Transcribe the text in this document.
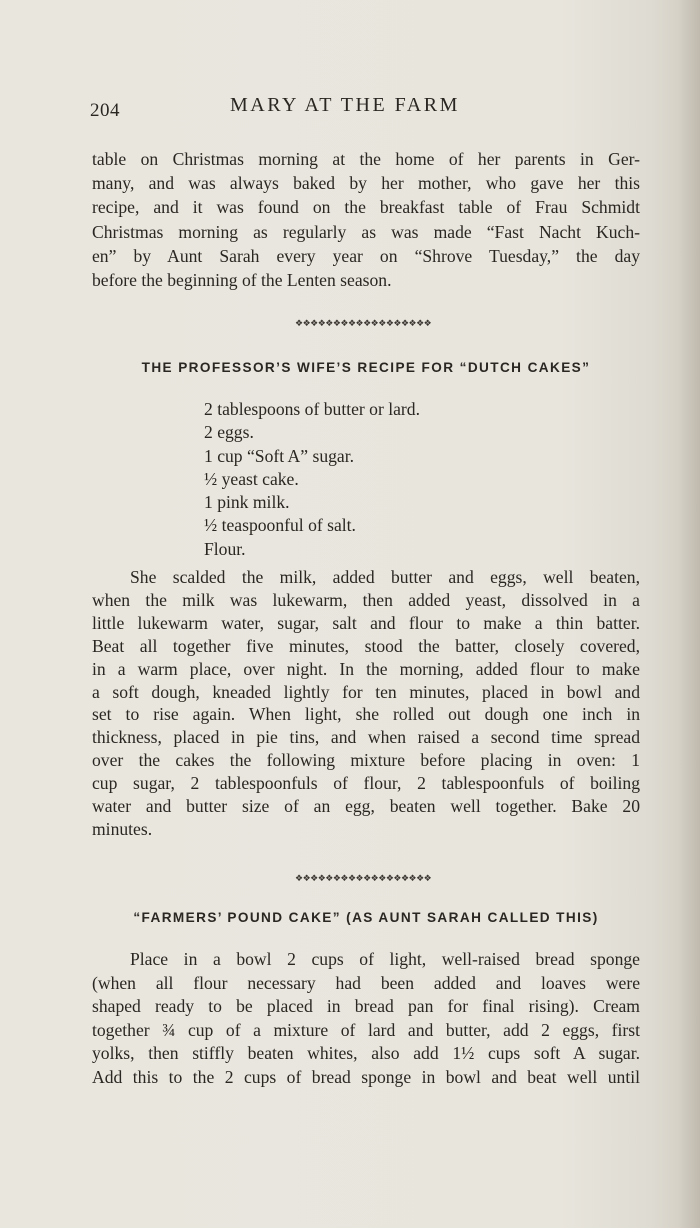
204	MARY AT THE FARM

table on Christmas morning at the home of her parents in Ger-
many, and was always baked by her mother, who gave her this
recipe, and it was found on the breakfast table of Frau Schmidt
Christmas morning as regularly as was made “Fast Nacht Kuch-
en” by Aunt Sarah every year on “Shrove Tuesday,” the day
before the beginning of the Lenten season.

❖❖❖❖❖❖❖❖❖❖❖❖❖❖❖❖❖❖
THE PROFESSOR’S WIFE’S RECIPE FOR “DUTCH CAKES”
2 tablespoons of butter or lard.
2 eggs.
1 cup “Soft A” sugar.
½ yeast cake.
1 pink milk.
½ teaspoonful of salt.
Flour.

She scalded the milk, added butter and eggs, well beaten,
when the milk was lukewarm, then added yeast, dissolved in a
little lukewarm water, sugar, salt and flour to make a thin batter.
Beat all together five minutes, stood the batter, closely covered,
in a warm place, over night. In the morning, added flour to make
a soft dough, kneaded lightly for ten minutes, placed in bowl and
set to rise again. When light, she rolled out dough one inch in
thickness, placed in pie tins, and when raised a second time spread
over the cakes the following mixture before placing in oven: 1
cup sugar, 2 tablespoonfuls of flour, 2 tablespoonfuls of boiling
water and butter size of an egg, beaten well together. Bake 20
minutes.

❖❖❖❖❖❖❖❖❖❖❖❖❖❖❖❖❖❖
“FARMERS’ POUND CAKE” (AS AUNT SARAH CALLED THIS)

Place in a bowl 2 cups of light, well-raised bread sponge
(when all flour necessary had been added and loaves were
shaped ready to be placed in bread pan for final rising). Cream
together ¾ cup of a mixture of lard and butter, add 2 eggs, first
yolks, then stiffly beaten whites, also add 1½ cups soft A sugar.
Add this to the 2 cups of bread sponge in bowl and beat well until
